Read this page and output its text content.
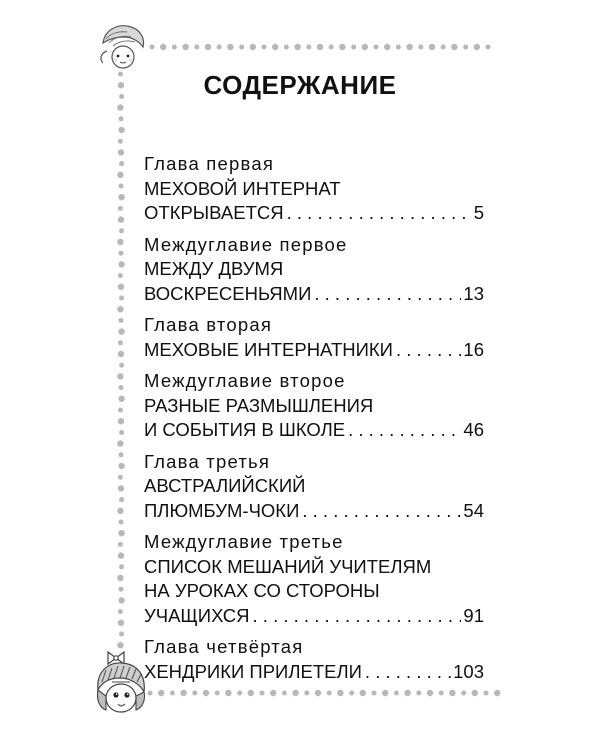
СОДЕРЖАНИЕ
Глава первая
МЕХОВОЙ ИНТЕРНАТ
ОТКРЫВАЕТСЯ . . .	5
Междуглавие первое
МЕЖДУ ДВУМЯ
ВОСКРЕСЕНЬЯМИ . . .	13
Глава вторая
МЕХОВЫЕ ИНТЕРНАТНИКИ . . .	16
Междуглавие второе
РАЗНЫЕ РАЗМЫШЛЕНИЯ
И СОБЫТИЯ В ШКОЛЕ . . .	46
Глава третья
АВСТРАЛИЙСКИЙ
ПЛЮМБУМ-ЧОКИ . . .	54
Междуглавие третье
СПИСОК МЕШАНИЙ УЧИТЕЛЯМ
НА УРОКАХ СО СТОРОНЫ
УЧАЩИХСЯ . . .	91
Глава четвёртая
ХЕНДРИКИ ПРИЛЕТЕЛИ . . .	103
